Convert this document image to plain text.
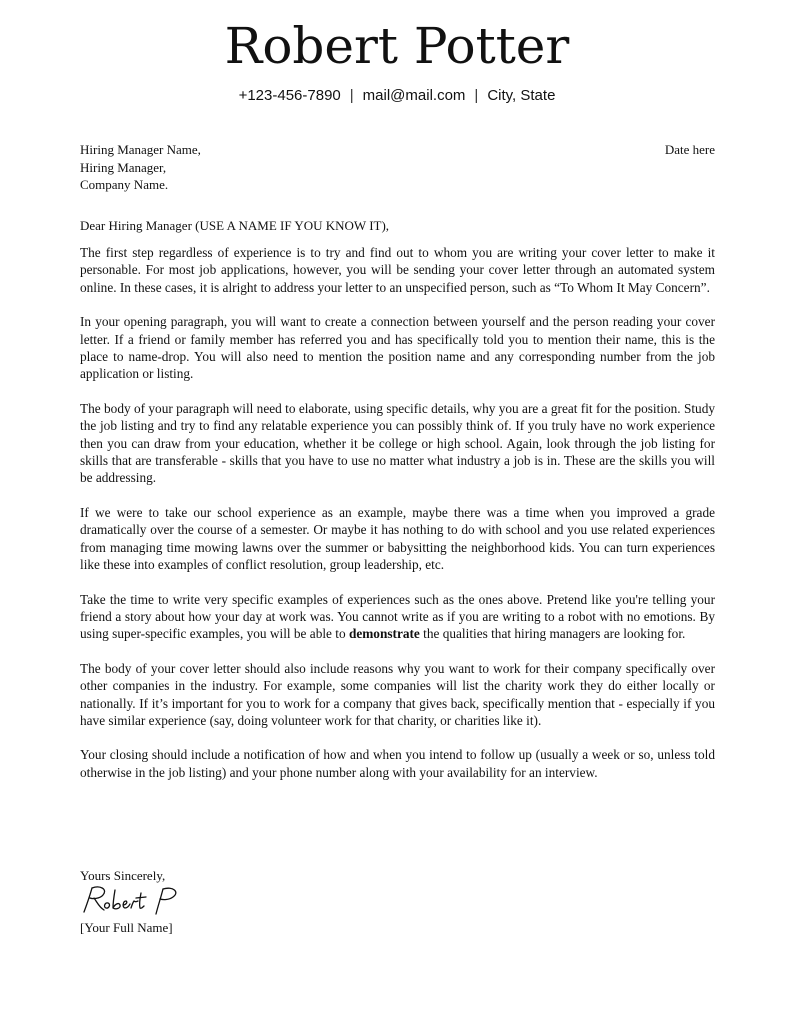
Robert Potter
+123-456-7890 | mail@mail.com | City, State
Hiring Manager Name,
Hiring Manager,
Company Name.
Date here
Dear Hiring Manager (USE A NAME IF YOU KNOW IT),

The first step regardless of experience is to try and find out to whom you are writing your cover letter to make it personable. For most job applications, however, you will be sending your cover letter through an automated system online. In these cases, it is alright to address your letter to an unspecified person, such as “To Whom It May Concern”.

In your opening paragraph, you will want to create a connection between yourself and the person reading your cover letter. If a friend or family member has referred you and has specifically told you to mention their name, this is the place to name-drop. You will also need to mention the position name and any corresponding number from the job application or listing.

The body of your paragraph will need to elaborate, using specific details, why you are a great fit for the position. Study the job listing and try to find any relatable experience you can possibly think of. If you truly have no work experience then you can draw from your education, whether it be college or high school. Again, look through the job listing for skills that are transferable - skills that you have to use no matter what industry a job is in. These are the skills you will be addressing.

If we were to take our school experience as an example, maybe there was a time when you improved a grade dramatically over the course of a semester. Or maybe it has nothing to do with school and you use related experiences from managing time mowing lawns over the summer or babysitting the neighborhood kids. You can turn experiences like these into examples of conflict resolution, group leadership, etc.

Take the time to write very specific examples of experiences such as the ones above. Pretend like you're telling your friend a story about how your day at work was. You cannot write as if you are writing to a robot with no emotions. By using super-specific examples, you will be able to demonstrate the qualities that hiring managers are looking for.

The body of your cover letter should also include reasons why you want to work for their company specifically over other companies in the industry. For example, some companies will list the charity work they do either locally or nationally. If it’s important for you to work for a company that gives back, specifically mention that - especially if you have similar experience (say, doing volunteer work for that charity, or charities like it).

Your closing should include a notification of how and when you intend to follow up (usually a week or so, unless told otherwise in the job listing) and your phone number along with your availability for an interview.

Yours Sincerely,
[Your Full Name]
